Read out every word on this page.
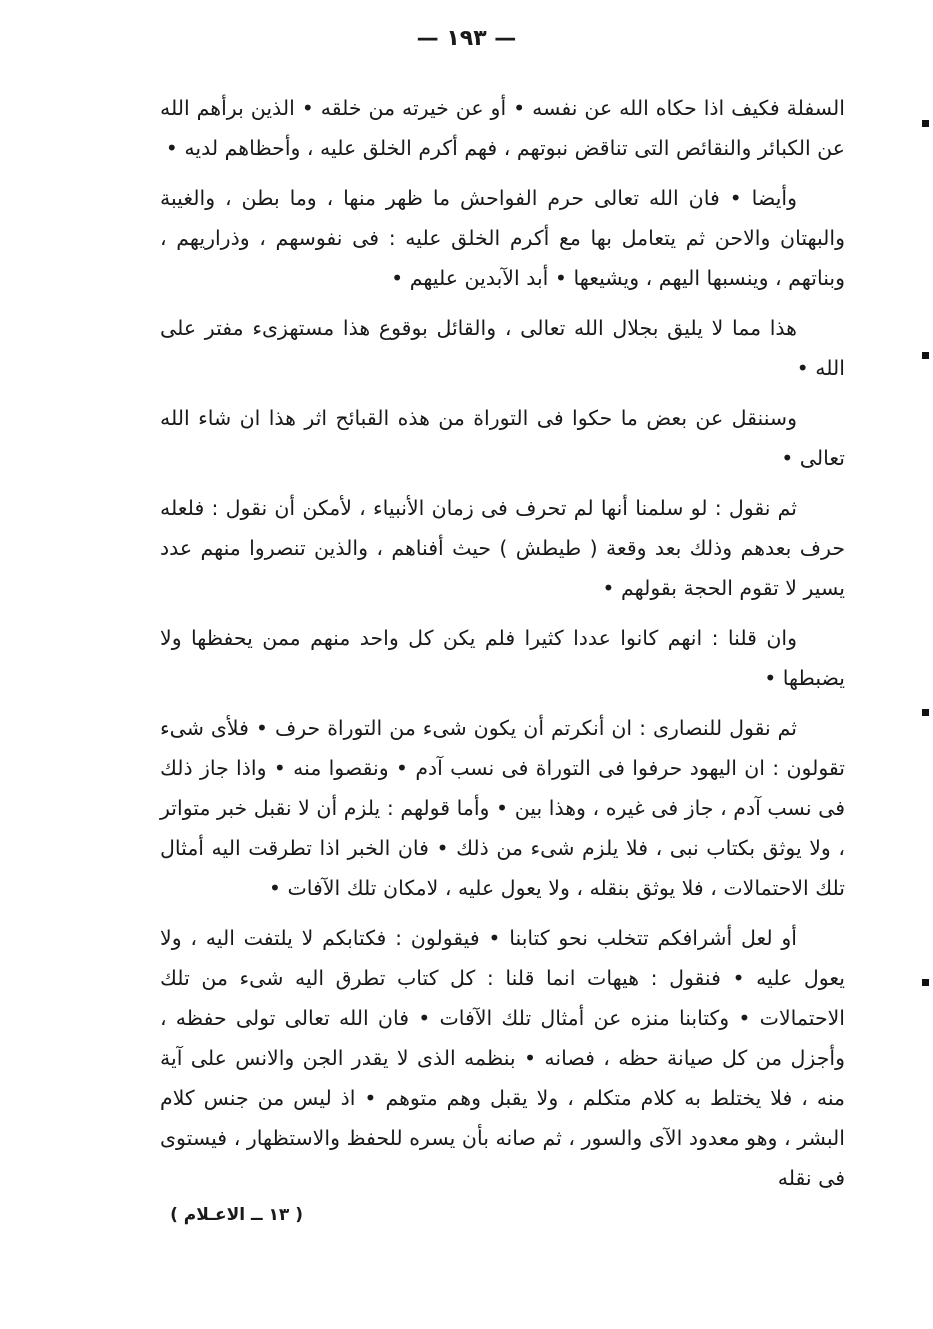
— ١٩٣ —

السفلة فكيف اذا حكاه الله عن نفسه • أو عن خيرته من خلقه • الذين برأهم الله عن الكبائر والنقائص التى تناقض نبوتهم ، فهم أكرم الخلق عليه ، وأحظاهم لديه •

وأيضا • فان الله تعالى حرم الفواحش ما ظهر منها ، وما بطن ، والغيبة والبهتان والاحن ثم يتعامل بها مع أكرم الخلق عليه : فى نفوسهم ، وذراريهم ، وبناتهم ، وينسبها اليهم ، ويشيعها • أبد الآبدين عليهم •

هذا مما لا يليق بجلال الله تعالى ، والقائل بوقوع هذا مستهزىء مفتر على الله •

وسننقل عن بعض ما حكوا فى التوراة من هذه القبائح اثر هذا ان شاء الله تعالى •

ثم نقول : لو سلمنا أنها لم تحرف فى زمان الأنبياء ، لأمكن أن نقول : فلعله حرف بعدهم وذلك بعد وقعة ( طيطش ) حيث أفناهم ، والذين تنصروا منهم عدد يسير لا تقوم الحجة بقولهم •

وان قلنا : انهم كانوا عددا كثيرا فلم يكن كل واحد منهم ممن يحفظها ولا يضبطها •

ثم نقول للنصارى : ان أنكرتم أن يكون شىء من التوراة حرف • فلأى شىء تقولون : ان اليهود حرفوا فى التوراة فى نسب آدم • ونقصوا منه • واذا جاز ذلك فى نسب آدم ، جاز فى غيره ، وهذا بين • وأما قولهم : يلزم أن لا نقبل خبر متواتر ، ولا يوثق بكتاب نبى ، فلا يلزم شىء من ذلك • فان الخبر اذا تطرقت اليه أمثال تلك الاحتمالات ، فلا يوثق بنقله ، ولا يعول عليه ، لامكان تلك الآفات •

أو لعل أشرافكم تتخلب نحو كتابنا • فيقولون : فكتابكم لا يلتفت اليه ، ولا يعول عليه • فنقول : هيهات انما قلنا : كل كتاب تطرق اليه شىء من تلك الاحتمالات • وكتابنا منزه عن أمثال تلك الآفات • فان الله تعالى تولى حفظه ، وأجزل من كل صيانة حظه ، فصانه • بنظمه الذى لا يقدر الجن والانس على آية منه ، فلا يختلط به كلام متكلم ، ولا يقبل وهم متوهم • اذ ليس من جنس كلام البشر ، وهو معدود الآى والسور ، ثم صانه بأن يسره للحفظ والاستظهار ، فيستوى فى نقله

( ١٣ ــ الاعـلام )
